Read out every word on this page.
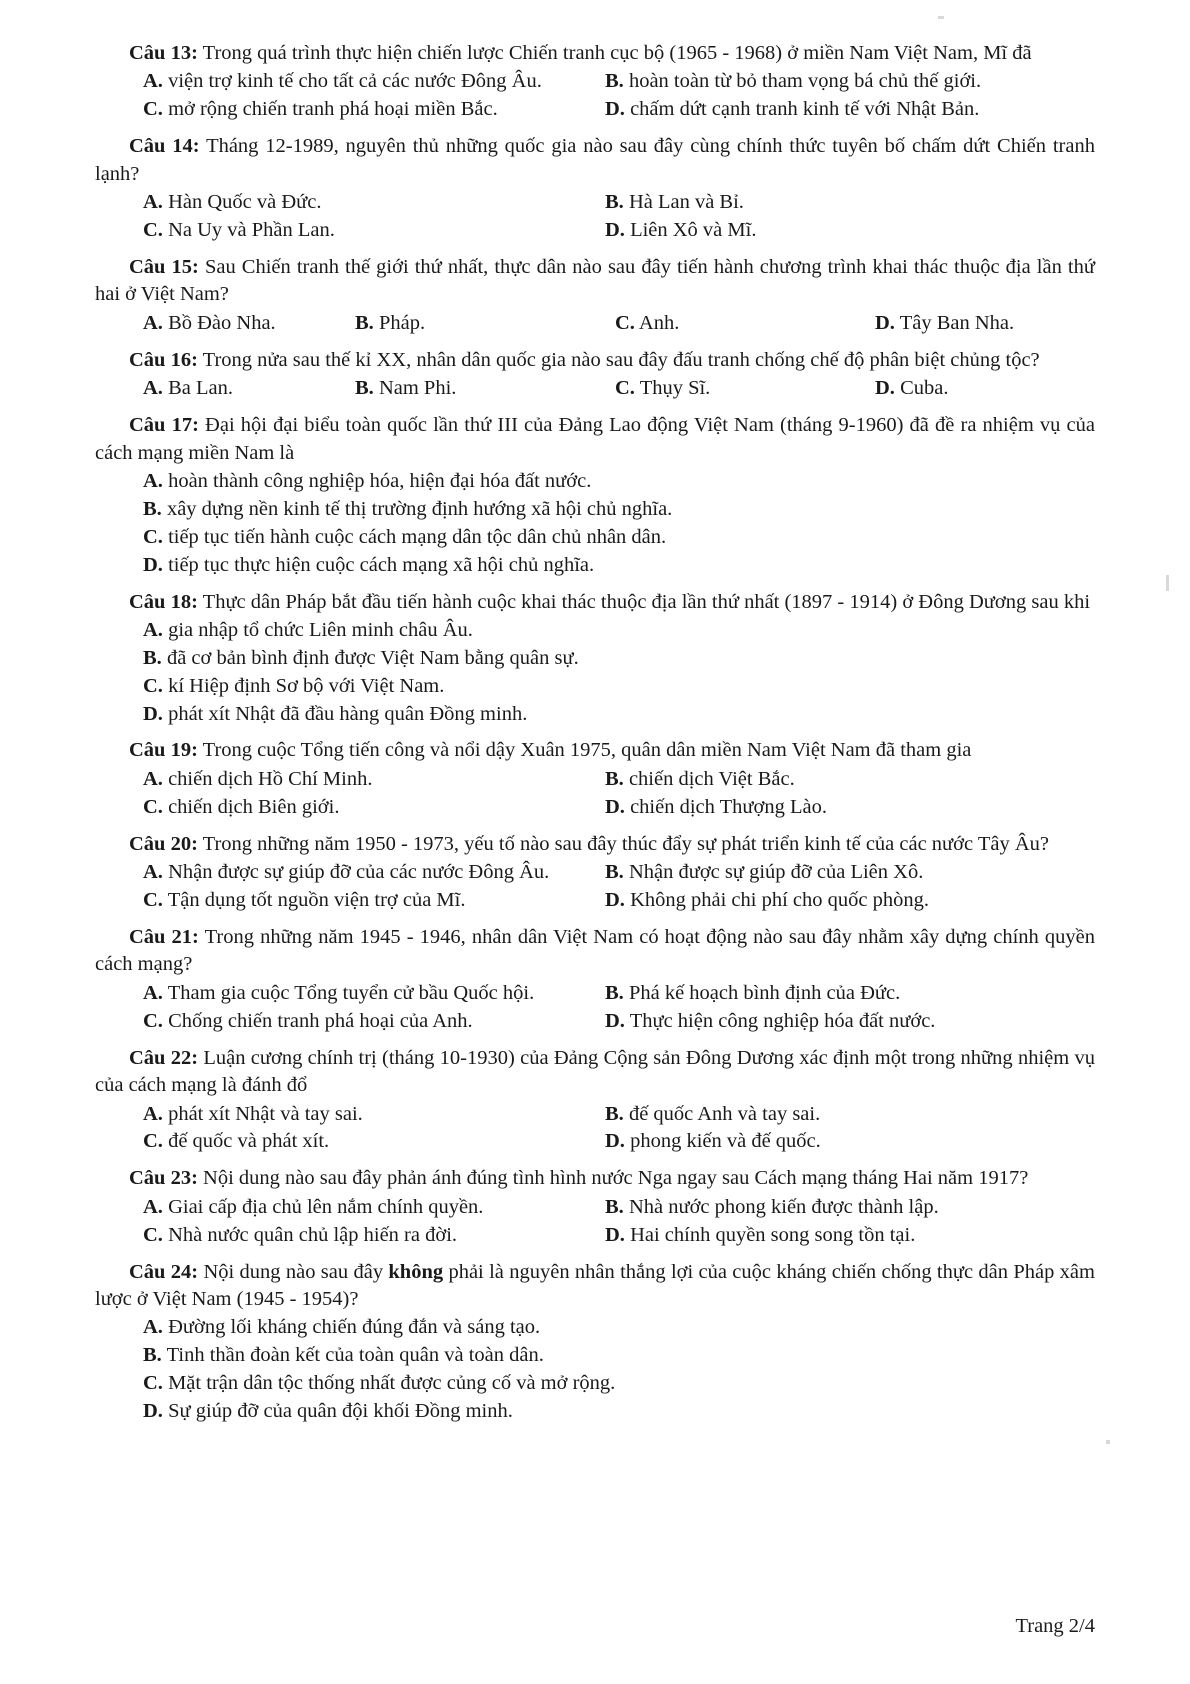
Câu 13: Trong quá trình thực hiện chiến lược Chiến tranh cục bộ (1965 - 1968) ở miền Nam Việt Nam, Mĩ đã

A. viện trợ kinh tế cho tất cả các nước Đông Âu.	B. hoàn toàn từ bỏ tham vọng bá chủ thế giới.
C. mở rộng chiến tranh phá hoại miền Bắc.	D. chấm dứt cạnh tranh kinh tế với Nhật Bản.

Câu 14: Tháng 12-1989, nguyên thủ những quốc gia nào sau đây cùng chính thức tuyên bố chấm dứt Chiến tranh lạnh?

A. Hàn Quốc và Đức.	B. Hà Lan và Bỉ.
C. Na Uy và Phần Lan.	D. Liên Xô và Mĩ.

Câu 15: Sau Chiến tranh thế giới thứ nhất, thực dân nào sau đây tiến hành chương trình khai thác thuộc địa lần thứ hai ở Việt Nam?

A. Bồ Đào Nha.	B. Pháp.	C. Anh.	D. Tây Ban Nha.

Câu 16: Trong nửa sau thế kỉ XX, nhân dân quốc gia nào sau đây đấu tranh chống chế độ phân biệt chủng tộc?

A. Ba Lan.	B. Nam Phi.	C. Thụy Sĩ.	D. Cuba.

Câu 17: Đại hội đại biểu toàn quốc lần thứ III của Đảng Lao động Việt Nam (tháng 9-1960) đã đề ra nhiệm vụ của cách mạng miền Nam là

A. hoàn thành công nghiệp hóa, hiện đại hóa đất nước.
B. xây dựng nền kinh tế thị trường định hướng xã hội chủ nghĩa.
C. tiếp tục tiến hành cuộc cách mạng dân tộc dân chủ nhân dân.
D. tiếp tục thực hiện cuộc cách mạng xã hội chủ nghĩa.

Câu 18: Thực dân Pháp bắt đầu tiến hành cuộc khai thác thuộc địa lần thứ nhất (1897 - 1914) ở Đông Dương sau khi

A. gia nhập tổ chức Liên minh châu Âu.
B. đã cơ bản bình định được Việt Nam bằng quân sự.
C. kí Hiệp định Sơ bộ với Việt Nam.
D. phát xít Nhật đã đầu hàng quân Đồng minh.

Câu 19: Trong cuộc Tổng tiến công và nổi dậy Xuân 1975, quân dân miền Nam Việt Nam đã tham gia

A. chiến dịch Hồ Chí Minh.	B. chiến dịch Việt Bắc.
C. chiến dịch Biên giới.	D. chiến dịch Thượng Lào.

Câu 20: Trong những năm 1950 - 1973, yếu tố nào sau đây thúc đẩy sự phát triển kinh tế của các nước Tây Âu?

A. Nhận được sự giúp đỡ của các nước Đông Âu.	B. Nhận được sự giúp đỡ của Liên Xô.
C. Tận dụng tốt nguồn viện trợ của Mĩ.	D. Không phải chi phí cho quốc phòng.

Câu 21: Trong những năm 1945 - 1946, nhân dân Việt Nam có hoạt động nào sau đây nhằm xây dựng chính quyền cách mạng?

A. Tham gia cuộc Tổng tuyển cử bầu Quốc hội.	B. Phá kế hoạch bình định của Đức.
C. Chống chiến tranh phá hoại của Anh.	D. Thực hiện công nghiệp hóa đất nước.

Câu 22: Luận cương chính trị (tháng 10-1930) của Đảng Cộng sản Đông Dương xác định một trong những nhiệm vụ của cách mạng là đánh đổ

A. phát xít Nhật và tay sai.	B. đế quốc Anh và tay sai.
C. đế quốc và phát xít.	D. phong kiến và đế quốc.

Câu 23: Nội dung nào sau đây phản ánh đúng tình hình nước Nga ngay sau Cách mạng tháng Hai năm 1917?

A. Giai cấp địa chủ lên nắm chính quyền.	B. Nhà nước phong kiến được thành lập.
C. Nhà nước quân chủ lập hiến ra đời.	D. Hai chính quyền song song tồn tại.

Câu 24: Nội dung nào sau đây không phải là nguyên nhân thắng lợi của cuộc kháng chiến chống thực dân Pháp xâm lược ở Việt Nam (1945 - 1954)?

A. Đường lối kháng chiến đúng đắn và sáng tạo.
B. Tinh thần đoàn kết của toàn quân và toàn dân.
C. Mặt trận dân tộc thống nhất được củng cố và mở rộng.
D. Sự giúp đỡ của quân đội khối Đồng minh.
Trang 2/4
